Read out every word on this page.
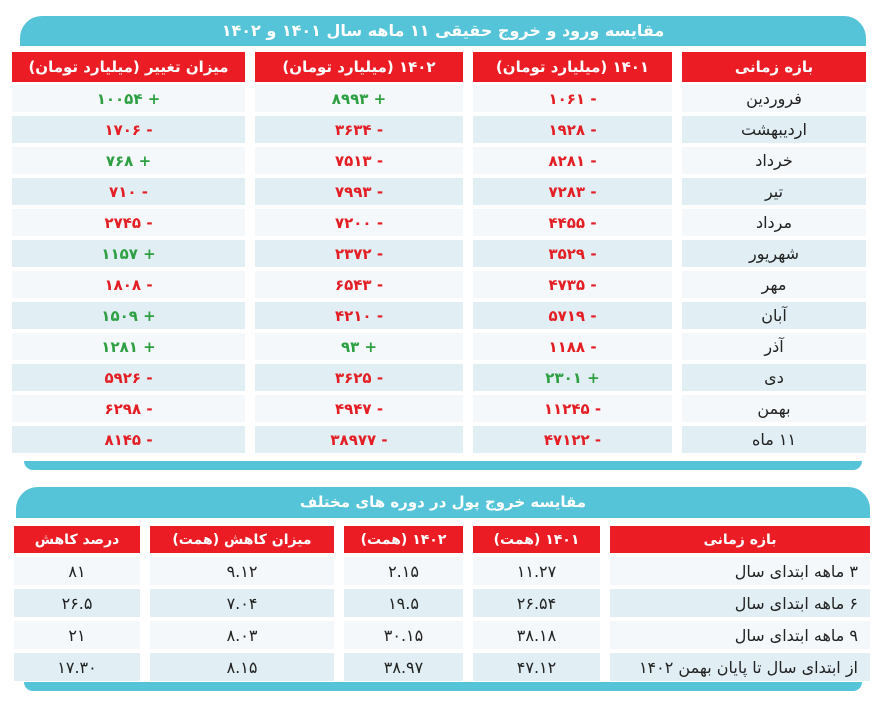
مقایسه ورود و خروج حقیقی ۱۱ ماهه سال ۱۴۰۱ و ۱۴۰۲
میزان تغییر (میلیارد تومان)	۱۴۰۲ (میلیارد تومان)	۱۴۰۱ (میلیارد تومان)	بازه زمانی
+ ۱۰۰۵۴	+ ۸۹۹۳	- ۱۰۶۱	فروردین
- ۱۷۰۶	- ۳۶۳۴	- ۱۹۲۸	اردیبهشت
+ ۷۶۸	- ۷۵۱۳	- ۸۲۸۱	خرداد
- ۷۱۰	- ۷۹۹۳	- ۷۲۸۳	تیر
- ۲۷۴۵	- ۷۲۰۰	- ۴۴۵۵	مرداد
+ ۱۱۵۷	- ۲۳۷۲	- ۳۵۲۹	شهریور
- ۱۸۰۸	- ۶۵۴۳	- ۴۷۳۵	مهر
+ ۱۵۰۹	- ۴۲۱۰	- ۵۷۱۹	آبان
+ ۱۲۸۱	+ ۹۳	- ۱۱۸۸	آذر
- ۵۹۲۶	- ۳۶۲۵	+ ۲۳۰۱	دی
- ۶۲۹۸	- ۴۹۴۷	- ۱۱۲۴۵	بهمن
- ۸۱۴۵	- ۳۸۹۷۷	- ۴۷۱۲۲	۱۱ ماه
مقایسه خروج پول در دوره های مختلف
درصد کاهش	میزان کاهش (همت)	۱۴۰۲ (همت)	۱۴۰۱ (همت)	بازه زمانی
۸۱	۹.۱۲	۲.۱۵	۱۱.۲۷	۳ ماهه ابتدای سال
۲۶.۵	۷.۰۴	۱۹.۵	۲۶.۵۴	۶ ماهه ابتدای سال
۲۱	۸.۰۳	۳۰.۱۵	۳۸.۱۸	۹ ماهه ابتدای سال
۱۷.۳۰	۸.۱۵	۳۸.۹۷	۴۷.۱۲	از ابتدای سال تا پایان بهمن ۱۴۰۲
